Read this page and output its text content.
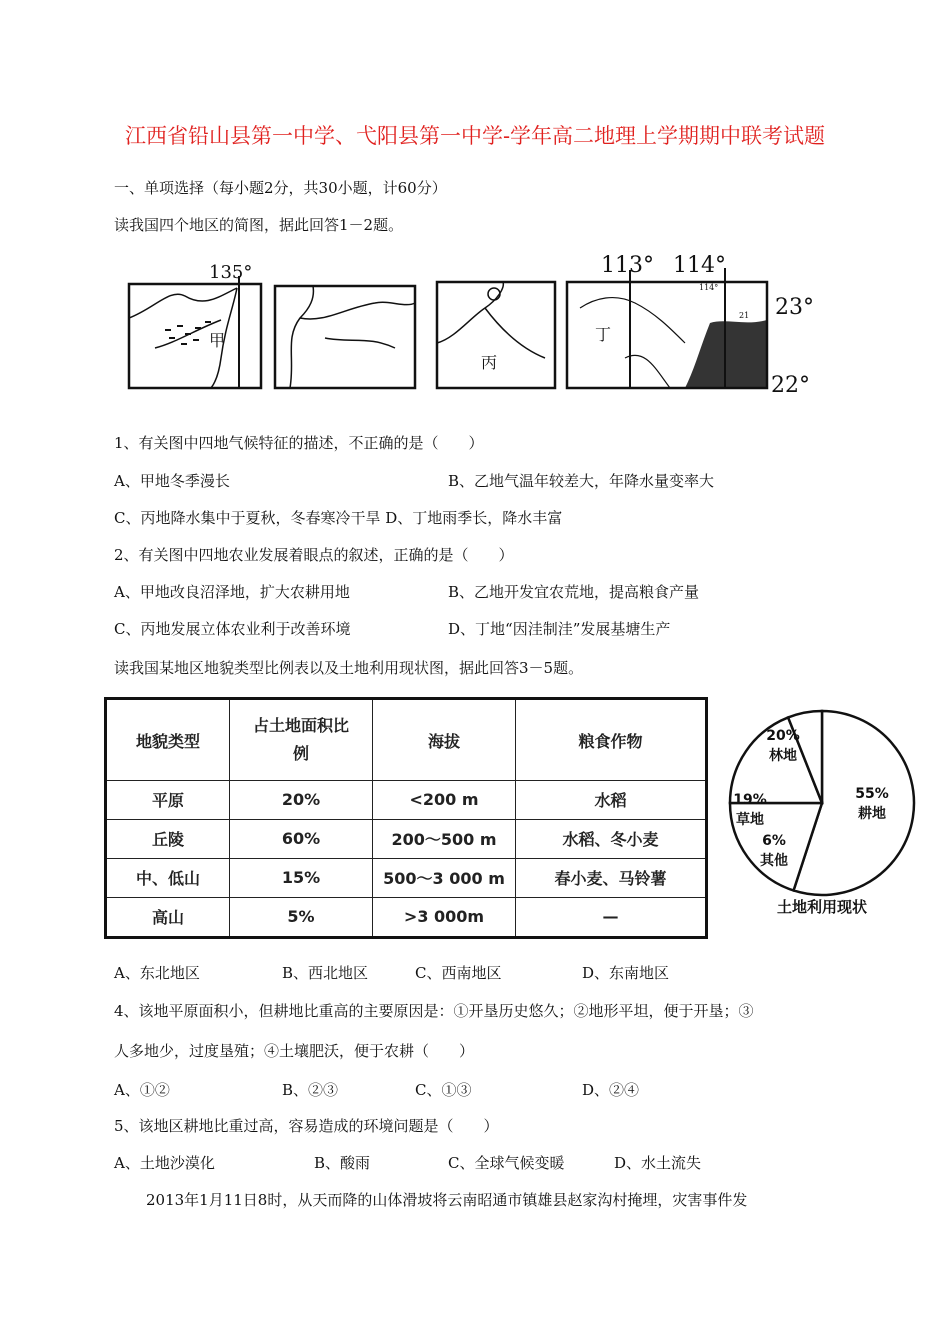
江西省铅山县第一中学、弋阳县第一中学-学年高二地理上学期期中联考试题
一、单项选择（每小题2分，共30小题，计60分）
读我国四个地区的简图，据此回答1－2题。
135°	113° 114°
23°
22°
甲
丙
丁
21
114°
1、有关图中四地气候特征的描述，不正确的是（　　）
A、甲地冬季漫长	B、乙地气温年较差大，年降水量变率大
C、丙地降水集中于夏秋，冬春寒冷干旱 D、丁地雨季长，降水丰富
2、有关图中四地农业发展着眼点的叙述，正确的是（　　）
A、甲地改良沼泽地，扩大农耕用地	B、乙地开发宜农荒地，提高粮食产量
C、丙地发展立体农业利于改善环境	D、丁地“因洼制洼”发展基塘生产
读我国某地区地貌类型比例表以及土地利用现状图，据此回答3－5题。
地貌类型	占土地面积比例	海拔	粮食作物
平原	20%	<200 m	水稻
丘陵	60%	200～500 m	水稻、冬小麦
中、低山	15%	500～3 000 m	春小麦、马铃薯
高山	5%	>3 000m	—
55%
耕地
20%
林地
19%
草地
6%
其他
土地利用现状
A、东北地区	B、西北地区	C、西南地区	D、东南地区
4、该地平原面积小，但耕地比重高的主要原因是：①开垦历史悠久；②地形平坦，便于开垦；③
人多地少，过度垦殖；④土壤肥沃，便于农耕（　　）
A、①②	B、②③	C、①③	D、②④
5、该地区耕地比重过高，容易造成的环境问题是（　　）
A、土地沙漠化	B、酸雨	C、全球气候变暖	D、水土流失
2013年1月11日8时，从天而降的山体滑坡将云南昭通市镇雄县赵家沟村掩埋，灾害事件发
